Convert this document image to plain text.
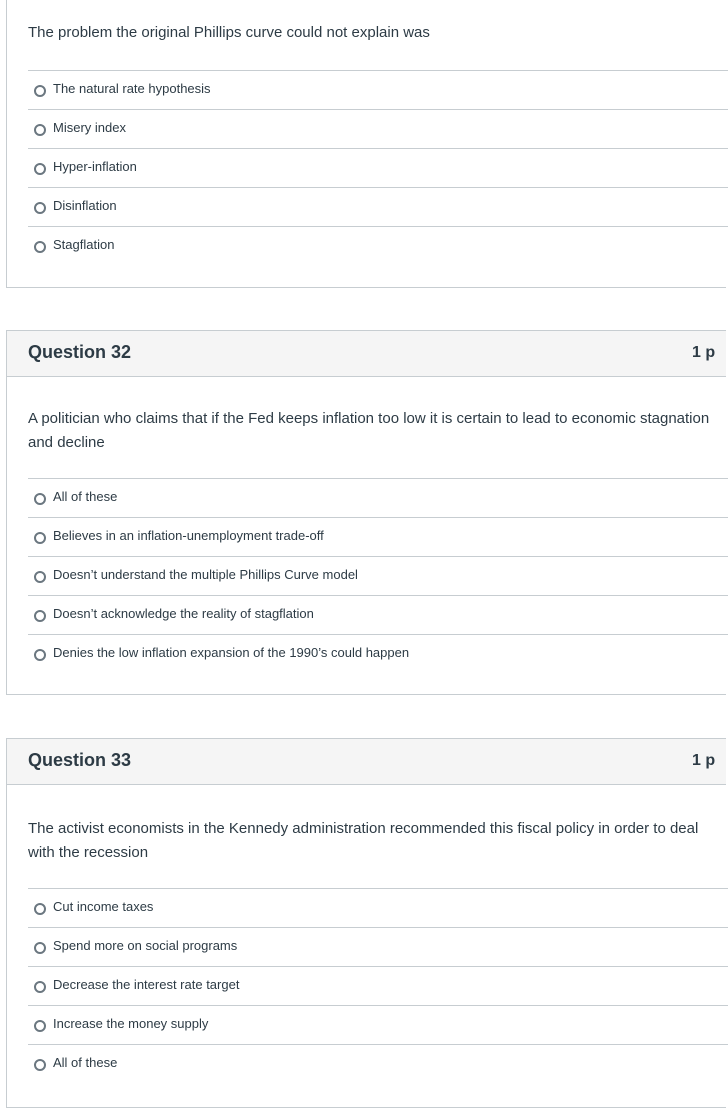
The problem the original Phillips curve could not explain was
The natural rate hypothesis
Misery index
Hyper-inflation
Disinflation
Stagflation
Question 32	1 p
A politician who claims that if the Fed keeps inflation too low it is certain to lead to economic stagnation and decline
All of these
Believes in an inflation-unemployment trade-off
Doesn’t understand the multiple Phillips Curve model
Doesn’t acknowledge the reality of stagflation
Denies the low inflation expansion of the 1990’s could happen
Question 33	1 p
The activist economists in the Kennedy administration recommended this fiscal policy in order to deal with the recession
Cut income taxes
Spend more on social programs
Decrease the interest rate target
Increase the money supply
All of these
